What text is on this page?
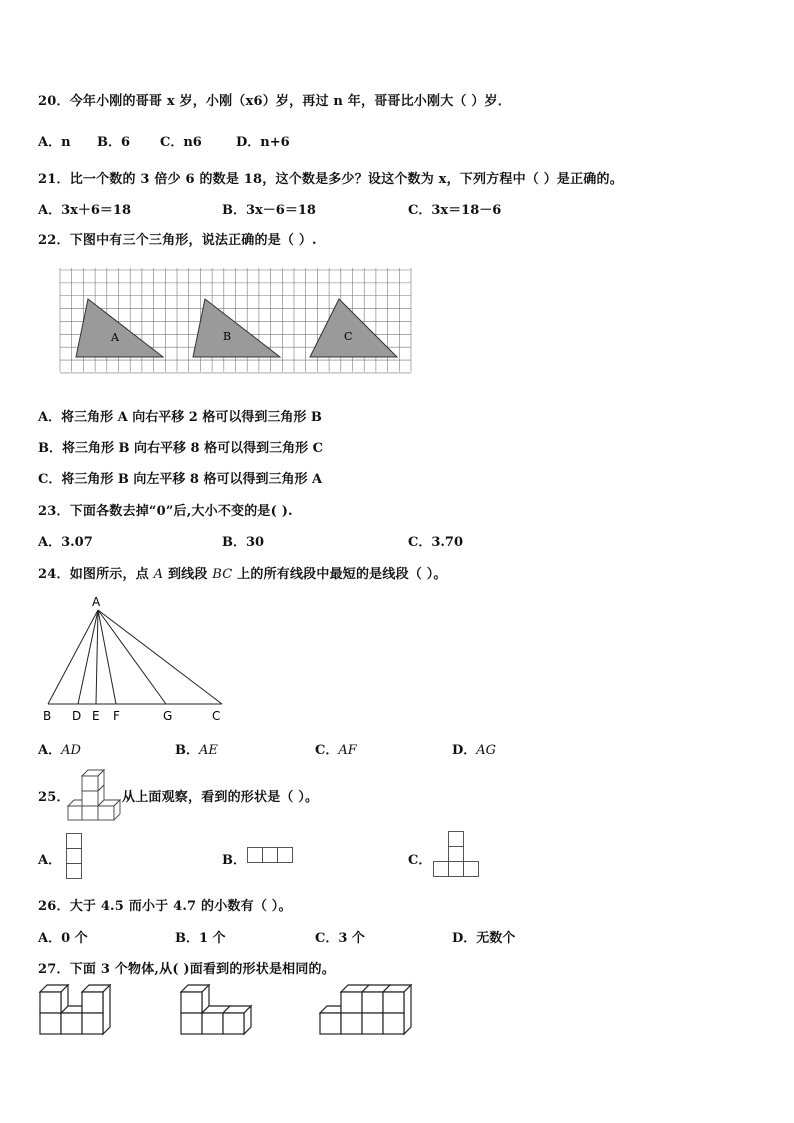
20．今年小刚的哥哥 x 岁，小刚（x6）岁，再过 n 年，哥哥比小刚大（ ）岁．
A．n B．6 C．n6	D．n+6
21．比一个数的 3 倍少 6 的数是 18，这个数是多少？设这个数为 x，下列方程中（ ）是正确的。
A．3x＋6＝18	B．3x－6＝18	C．3x＝18－6
22．下图中有三个三角形，说法正确的是（ ）.
A	B	C
A．将三角形 A 向右平移 2 格可以得到三角形 B
B．将三角形 B 向右平移 8 格可以得到三角形 C
C．将三角形 B 向左平移 8 格可以得到三角形 A
23．下面各数去掉“0”后,大小不变的是( ).
A．3.07	B．30	C．3.70
24．如图所示，点 A 到线段 BC 上的所有线段中最短的是线段（ ）。
A
B D E F	G	C
A．AD	B．AE	C．AF	D．AG
25．	从上面观察，看到的形状是（ ）。
A．	B．	C．
26．大于 4.5 而小于 4.7 的小数有（ ）。
A．0 个	B．1 个	C．3 个	D．无数个
27．下面 3 个物体,从( )面看到的形状是相同的。
